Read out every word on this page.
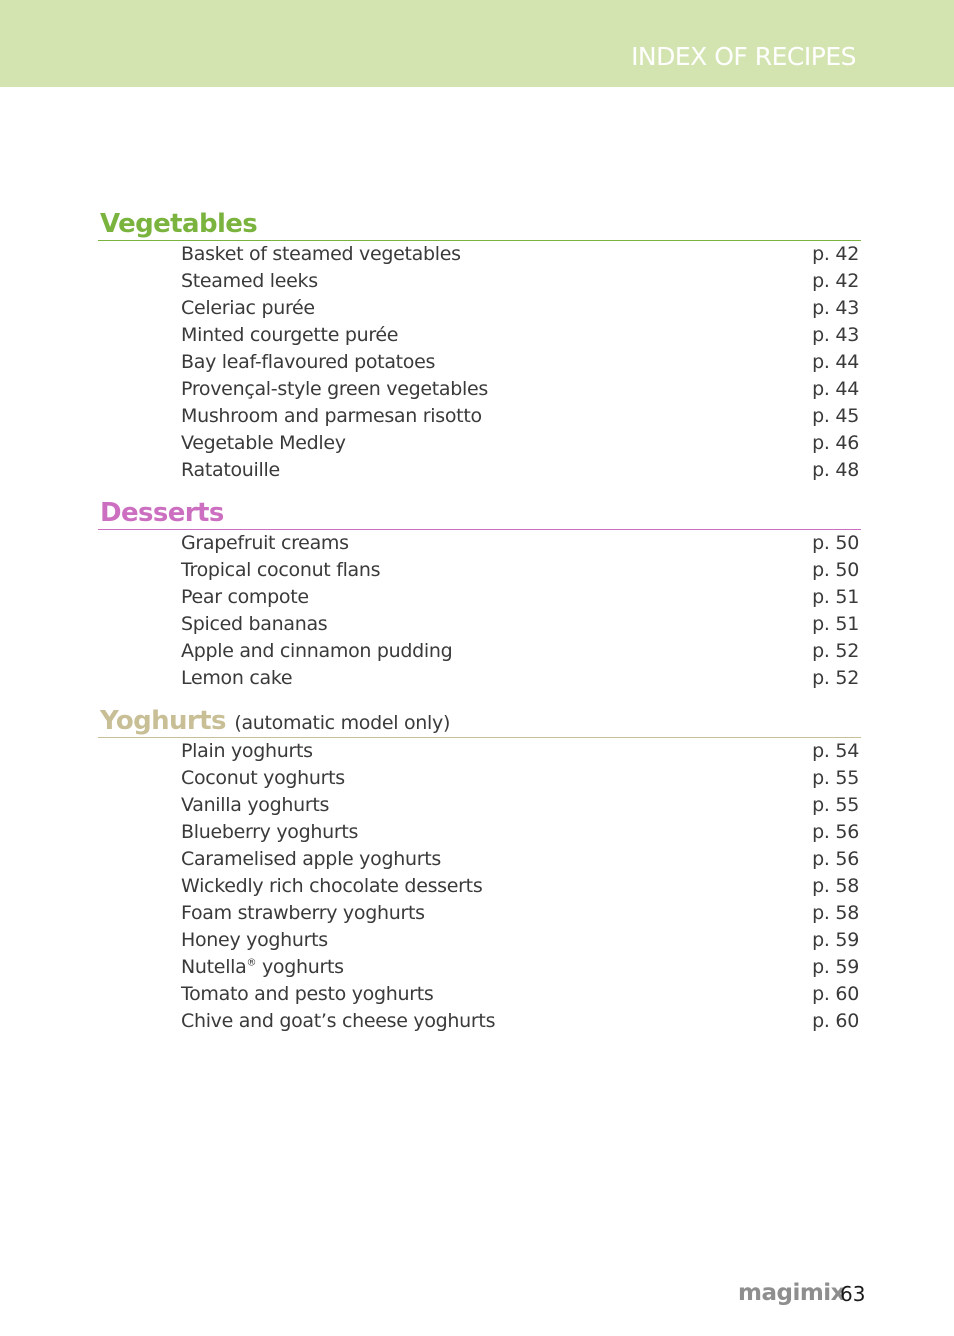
INDEX OF RECIPES
Vegetables
Basket of steamed vegetables	p. 42
Steamed leeks	p. 42
Celeriac purée	p. 43
Minted courgette purée	p. 43
Bay leaf-flavoured potatoes	p. 44
Provençal-style green vegetables	p. 44
Mushroom and parmesan risotto	p. 45
Vegetable Medley	p. 46
Ratatouille	p. 48
Desserts
Grapefruit creams	p. 50
Tropical coconut flans	p. 50
Pear compote	p. 51
Spiced bananas	p. 51
Apple and cinnamon pudding	p. 52
Lemon cake	p. 52
Yoghurts (automatic model only)
Plain yoghurts	p. 54
Coconut yoghurts	p. 55
Vanilla yoghurts	p. 55
Blueberry yoghurts	p. 56
Caramelised apple yoghurts	p. 56
Wickedly rich chocolate desserts	p. 58
Foam strawberry yoghurts	p. 58
Honey yoghurts	p. 59
Nutella® yoghurts	p. 59
Tomato and pesto yoghurts	p. 60
Chive and goat’s cheese yoghurts	p. 60
magimix
63
